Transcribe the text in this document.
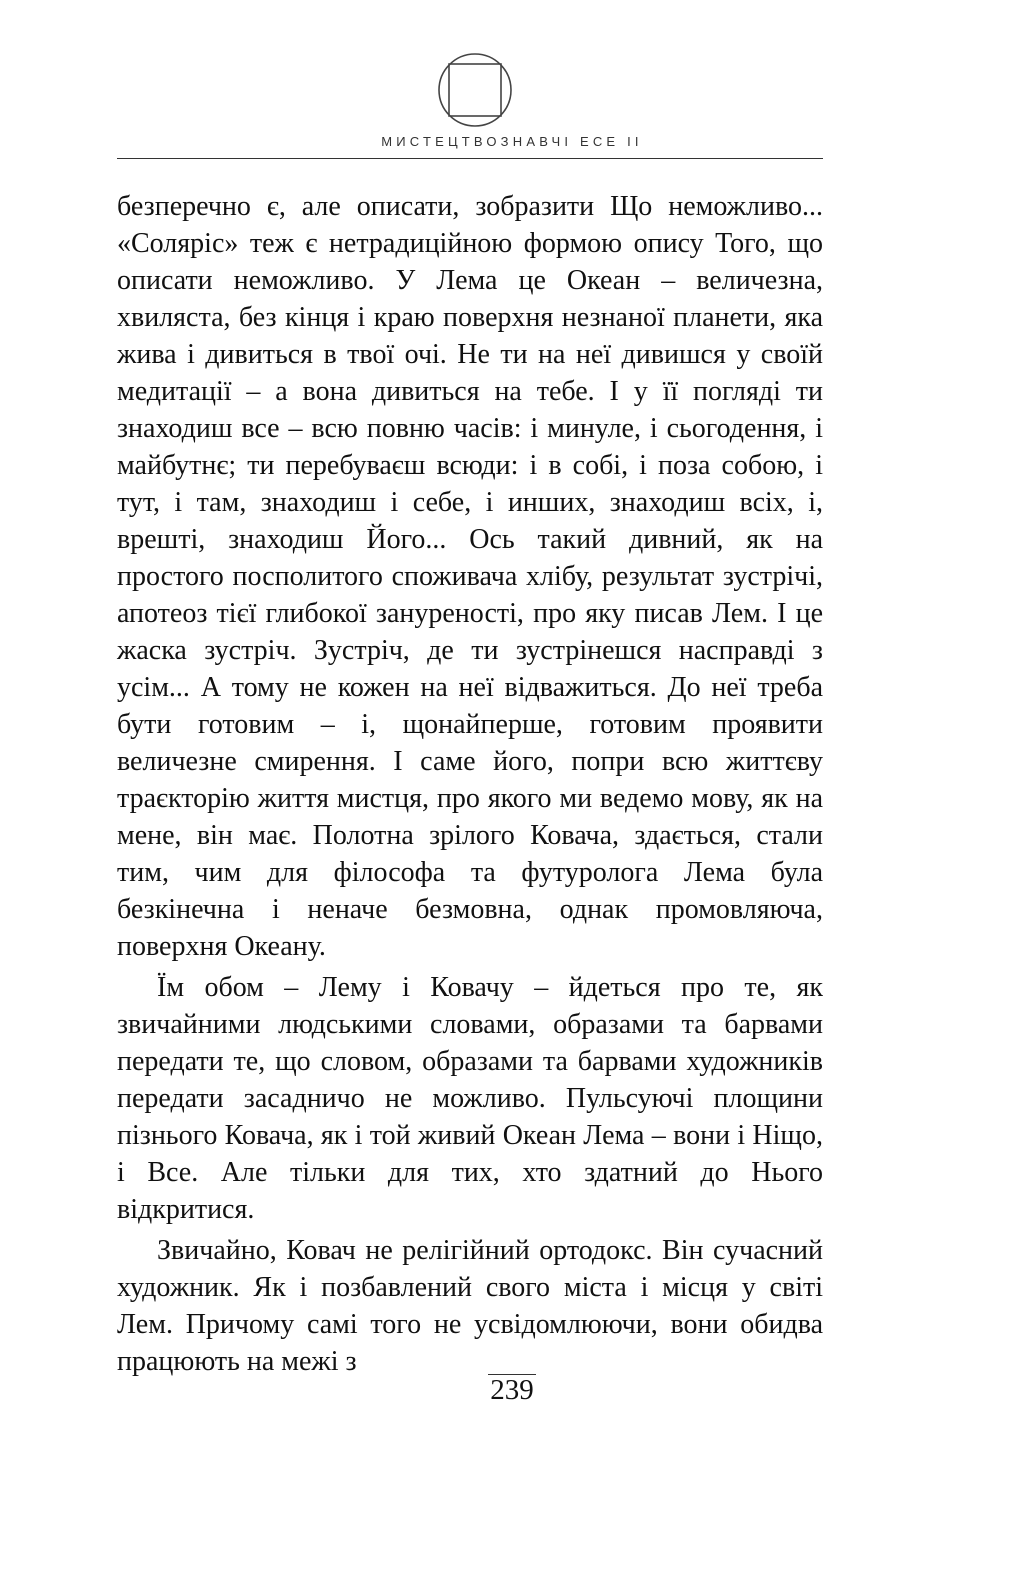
МИСТЕЦТВОЗНАВЧІ ЕСЕ II

безперечно є, але описати, зобразити Що неможливо... «Соляріс» теж є нетрадиційною формою опису Того, що описати неможливо. У Лема це Океан – величезна, хвиляста, без кінця і краю поверхня незнаної планети, яка жива і дивиться в твої очі. Не ти на неї дивишся у своїй медитації – а вона дивиться на тебе. І у її погляді ти знаходиш все – всю повню часів: і минуле, і сьогодення, і майбутнє; ти перебуваєш всюди: і в собі, і поза собою, і тут, і там, знаходиш і себе, і инших, знаходиш всіх, і, врешті, знаходиш Його... Ось такий дивний, як на простого посполитого споживача хлібу, результат зустрічі, апотеоз тієї глибокої зануреності, про яку писав Лем. І це жаска зустріч. Зустріч, де ти зустрінешся насправді з усім... А тому не кожен на неї відважиться. До неї треба бути готовим – і, щонайперше, готовим проявити величезне смирення. І саме його, попри всю життєву траєкторію життя мистця, про якого ми ведемо мову, як на мене, він має. Полотна зрілого Ковача, здається, стали тим, чим для філософа та футуролога Лема була безкінечна і неначе безмовна, однак промовляюча, поверхня Океану.

Їм обом – Лему і Ковачу – йдеться про те, як звичайними людськими словами, образами та барвами передати те, що словом, образами та барвами художників передати засадничо не можливо. Пульсуючі площини пізнього Ковача, як і той живий Океан Лема – вони і Ніщо, і Все. Але тільки для тих, хто здатний до Нього відкритися.

Звичайно, Ковач не релігійний ортодокс. Він сучасний художник. Як і позбавлений свого міста і місця у світі Лем. Причому самі того не усвідомлюючи, вони обидва працюють на межі з

239
